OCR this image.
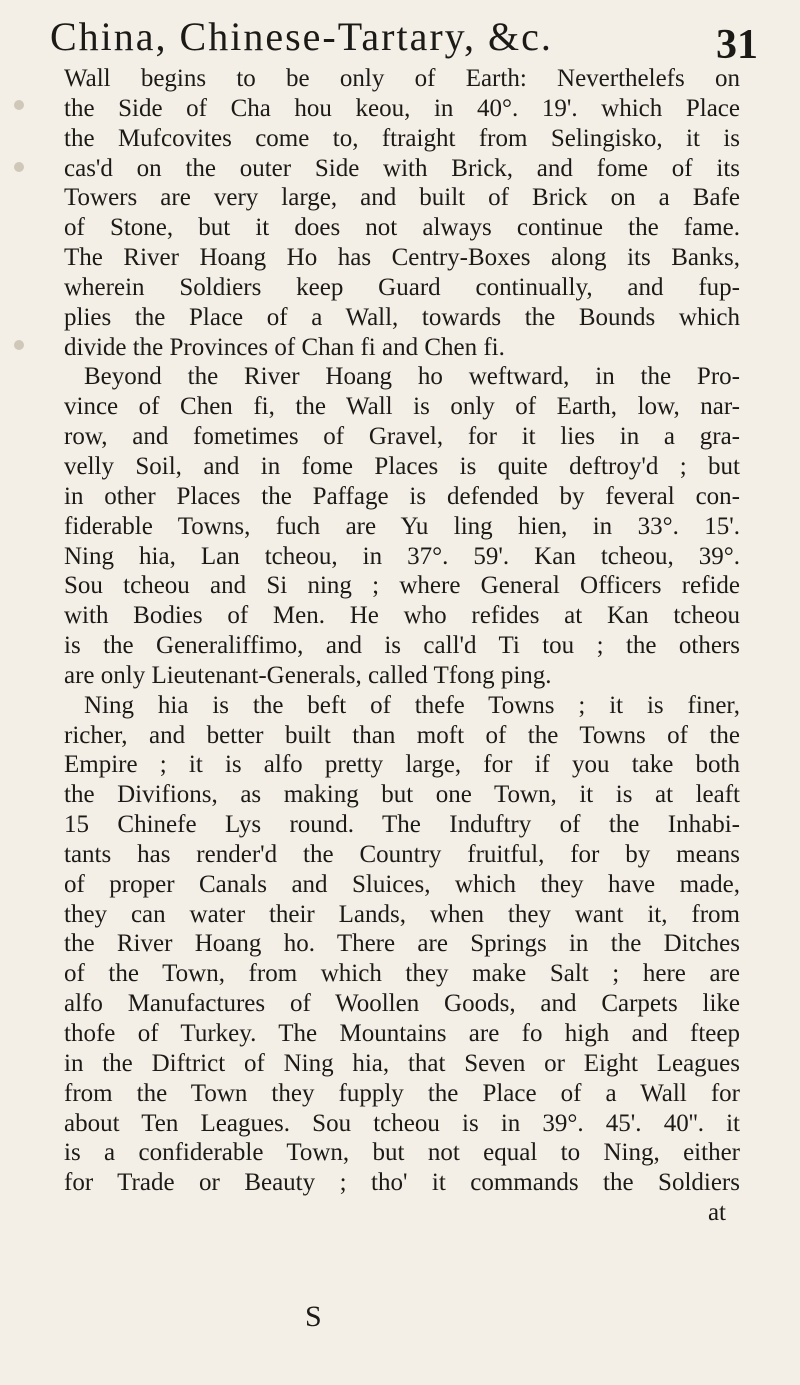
China, Chinese-Tartary, &c.	31
Wall begins to be only of Earth: Neverthelefs on
the Side of Cha hou keou, in 40°. 19'. which Place
the Mufcovites come to, ftraight from Selingisko, it is
cas'd on the outer Side with Brick, and fome of its
Towers are very large, and built of Brick on a Bafe
of Stone, but it does not always continue the fame.
The River Hoang Ho has Centry-Boxes along its Banks,
wherein Soldiers keep Guard continually, and fup-
plies the Place of a Wall, towards the Bounds which
divide the Provinces of Chan fi and Chen fi.
Beyond the River Hoang ho weftward, in the Pro-
vince of Chen fi, the Wall is only of Earth, low, nar-
row, and fometimes of Gravel, for it lies in a gra-
velly Soil, and in fome Places is quite deftroy'd ; but
in other Places the Paffage is defended by feveral con-
fiderable Towns, fuch are Yu ling hien, in 33°. 15'.
Ning hia, Lan tcheou, in 37°. 59'. Kan tcheou, 39°.
Sou tcheou and Si ning ; where General Officers refide
with Bodies of Men. He who refides at Kan tcheou
is the Generaliffimo, and is call'd Ti tou ; the others
are only Lieutenant-Generals, called Tfong ping.
Ning hia is the beft of thefe Towns ; it is finer,
richer, and better built than moft of the Towns of the
Empire ; it is alfo pretty large, for if you take both
the Divifions, as making but one Town, it is at leaft
15 Chinefe Lys round. The Induftry of the Inhabi-
tants has render'd the Country fruitful, for by means
of proper Canals and Sluices, which they have made,
they can water their Lands, when they want it, from
the River Hoang ho. There are Springs in the Ditches
of the Town, from which they make Salt ; here are
alfo Manufactures of Woollen Goods, and Carpets like
thofe of Turkey. The Mountains are fo high and fteep
in the Diftrict of Ning hia, that Seven or Eight Leagues
from the Town they fupply the Place of a Wall for
about Ten Leagues. Sou tcheou is in 39°. 45'. 40''. it
is a confiderable Town, but not equal to Ning, either
for Trade or Beauty ; tho' it commands the Soldiers
at
S
